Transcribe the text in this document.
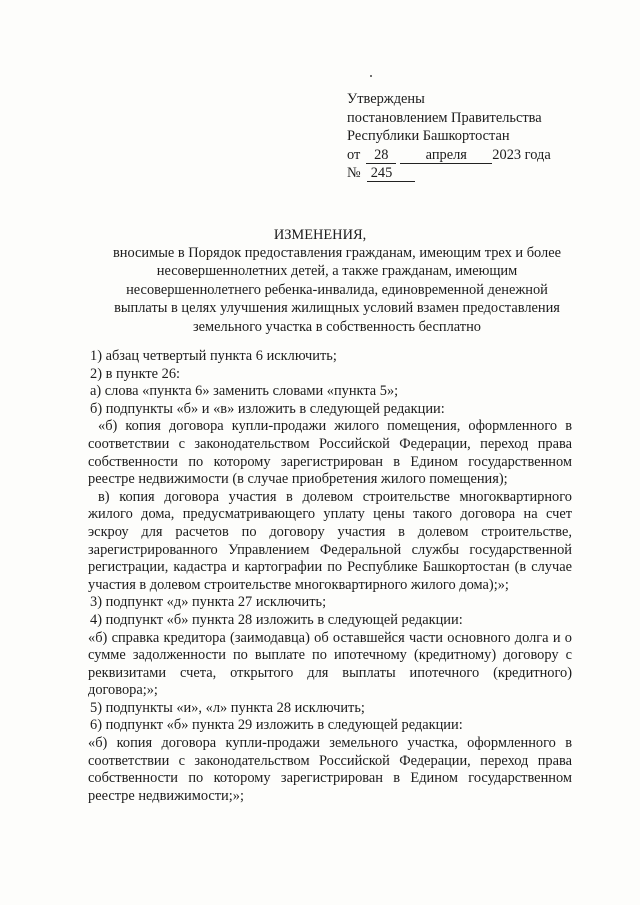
Утверждены
постановлением Правительства
Республики Башкортостан
от 28	апреля 2023 года
№ 245
ИЗМЕНЕНИЯ,
вносимые в Порядок предоставления гражданам, имеющим трех и более несовершеннолетних детей, а также гражданам, имеющим несовершеннолетнего ребенка-инвалида, единовременной денежной выплаты в целях улучшения жилищных условий взамен предоставления земельного участка в собственность бесплатно

1) абзац четвертый пункта 6 исключить;

2) в пункте 26:

а) слова «пункта 6» заменить словами «пункта 5»;

б) подпункты «б» и «в» изложить в следующей редакции:

«б) копия договора купли-продажи жилого помещения, оформленного в соответствии с законодательством Российской Федерации, переход права собственности по которому зарегистрирован в Едином государственном реестре недвижимости (в случае приобретения жилого помещения);

в) копия договора участия в долевом строительстве многоквартирного жилого дома, предусматривающего уплату цены такого договора на счет эскроу для расчетов по договору участия в долевом строительстве, зарегистрированного Управлением Федеральной службы государственной регистрации, кадастра и картографии по Республике Башкортостан (в случае участия в долевом строительстве многоквартирного жилого дома);»;

3) подпункт «д» пункта 27 исключить;

4) подпункт «б» пункта 28 изложить в следующей редакции:

«б) справка кредитора (заимодавца) об оставшейся части основного долга и о сумме задолженности по выплате по ипотечному (кредитному) договору с реквизитами счета, открытого для выплаты ипотечного (кредитного) договора;»;

5) подпункты «и», «л» пункта 28 исключить;

6) подпункт «б» пункта 29 изложить в следующей редакции:

«б) копия договора купли-продажи земельного участка, оформленного в соответствии с законодательством Российской Федерации, переход права собственности по которому зарегистрирован в Едином государственном реестре недвижимости;»;
